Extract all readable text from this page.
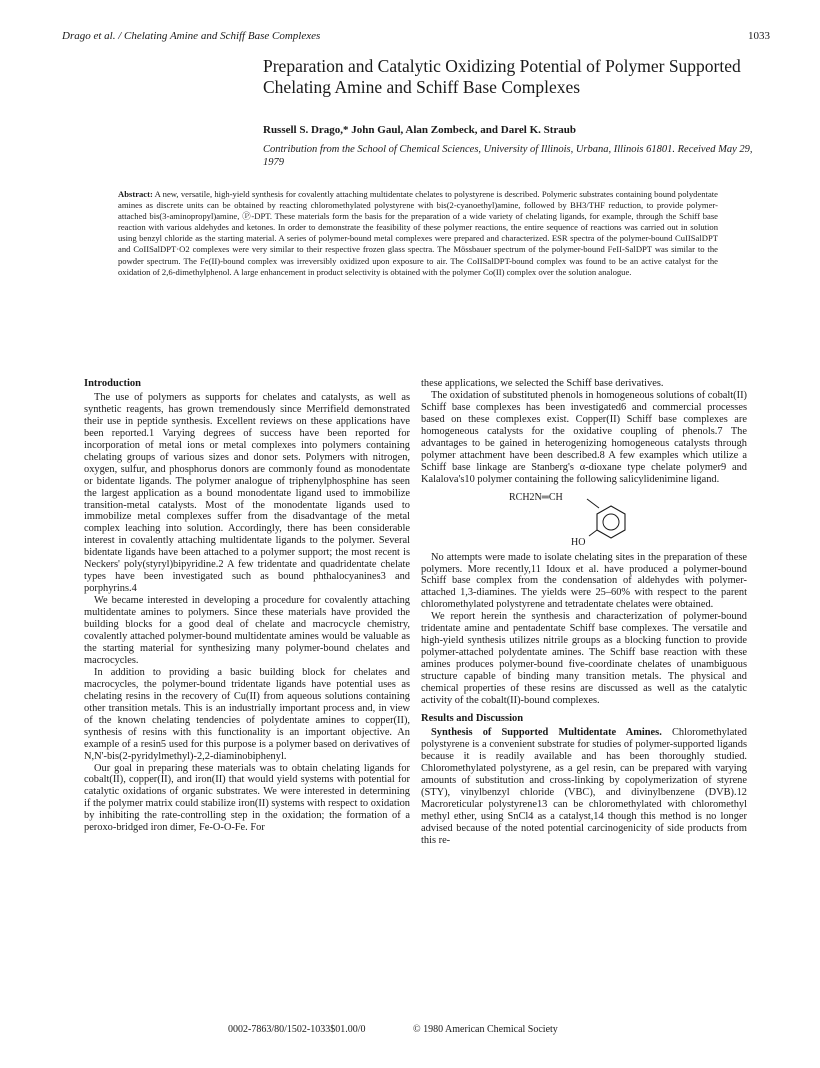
Drago et al. / Chelating Amine and Schiff Base Complexes	1033
Preparation and Catalytic Oxidizing Potential of Polymer Supported Chelating Amine and Schiff Base Complexes
Russell S. Drago,* John Gaul, Alan Zombeck, and Darel K. Straub
Contribution from the School of Chemical Sciences, University of Illinois, Urbana, Illinois 61801. Received May 29, 1979
Abstract: A new, versatile, high-yield synthesis for covalently attaching multidentate chelates to polystyrene is described. Polymeric substrates containing bound polydentate amines as discrete units can be obtained by reacting chloromethylated polystyrene with bis(2-cyanoethyl)amine, followed by BH3/THF reduction, to provide polymer-attached bis(3-aminopropyl)amine, Ⓟ-DPT. These materials form the basis for the preparation of a wide variety of chelating ligands, for example, through the Schiff base reaction with various aldehydes and ketones. In order to demonstrate the feasibility of these polymer reactions, the entire sequence of reactions was carried out in solution using benzyl chloride as the starting material. A series of polymer-bound metal complexes were prepared and characterized. ESR spectra of the polymer-bound CuIISalDPT and CoIISalDPT·O2 complexes were very similar to their respective frozen glass spectra. The Mössbauer spectrum of the polymer-bound FeII-SalDPT was similar to the powder spectrum. The Fe(II)-bound complex was irreversibly oxidized upon exposure to air. The CoIISalDPT-bound complex was found to be an active catalyst for the oxidation of 2,6-dimethylphenol. A large enhancement in product selectivity is obtained with the polymer Co(II) complex over the solution analogue.
Introduction

The use of polymers as supports for chelates and catalysts, as well as synthetic reagents, has grown tremendously since Merrifield demonstrated their use in peptide synthesis. Excellent reviews on these applications have been reported.1 Varying degrees of success have been reported for incorporation of metal ions or metal complexes into polymers containing chelating groups of various sizes and donor sets. Polymers with nitrogen, oxygen, sulfur, and phosphorus donors are commonly found as monodentate or bidentate ligands. The polymer analogue of triphenylphosphine has seen the largest application as a bound monodentate ligand used to immobilize transition-metal catalysts. Most of the monodentate ligands used to immobilize metal complexes suffer from the disadvantage of the metal complex leaching into solution. Accordingly, there has been considerable interest in covalently attaching multidentate ligands to the polymer. Several bidentate ligands have been attached to a polymer support; the most recent is Neckers' poly(styryl)bipyridine.2 A few tridentate and quadridentate chelate types have been investigated such as bound phthalocyanines3 and porphyrins.4

We became interested in developing a procedure for covalently attaching multidentate amines to polymers. Since these materials have provided the building blocks for a good deal of chelate and macrocycle chemistry, covalently attached polymer-bound multidentate amines would be valuable as the starting material for synthesizing many polymer-bound chelates and macrocycles.

In addition to providing a basic building block for chelates and macrocycles, the polymer-bound tridentate ligands have potential uses as chelating resins in the recovery of Cu(II) from aqueous solutions containing other transition metals. This is an industrially important process and, in view of the known chelating tendencies of polydentate amines to copper(II), synthesis of resins with this functionality is an important objective. An example of a resin5 used for this purpose is a polymer based on derivatives of N,N'-bis(2-pyridylmethyl)-2,2-diaminobiphenyl.

Our goal in preparing these materials was to obtain chelating ligands for cobalt(II), copper(II), and iron(II) that would yield systems with potential for catalytic oxidations of organic substrates. We were interested in determining if the polymer matrix could stabilize iron(II) systems with respect to oxidation by inhibiting the rate-controlling step in the oxidation; the formation of a peroxo-bridged iron dimer, Fe-O-O-Fe. For

these applications, we selected the Schiff base derivatives.

The oxidation of substituted phenols in homogeneous solutions of cobalt(II) Schiff base complexes has been investigated6 and commercial processes based on these complexes exist. Copper(II) Schiff base complexes are homogeneous catalysts for the oxidative coupling of phenols.7 The advantages to be gained in heterogenizing homogeneous catalysts through polymer attachment have been described.8 A few examples which utilize a Schiff base linkage are Stanberg's α-dioxane type chelate polymer9 and Kalalova's10 polymer containing the following salicylidenimine ligand.

RCH2N═CH
HO

No attempts were made to isolate chelating sites in the preparation of these polymers. More recently,11 Idoux et al. have produced a polymer-bound Schiff base complex from the condensation of aldehydes with polymer-attached 1,3-diamines. The yields were 25–60% with respect to the parent chloromethylated polystyrene and tetradentate chelates were obtained.

We report herein the synthesis and characterization of polymer-bound tridentate amine and pentadentate Schiff base complexes. The versatile and high-yield synthesis utilizes nitrile groups as a blocking function to provide polymer-attached polydentate amines. The Schiff base reaction with these amines produces polymer-bound five-coordinate chelates of unambiguous structure capable of binding many transition metals. The physical and chemical properties of these resins are discussed as well as the catalytic activity of the cobalt(II)-bound complexes.

Results and Discussion

Synthesis of Supported Multidentate Amines. Chloromethylated polystyrene is a convenient substrate for studies of polymer-supported ligands because it is readily available and has been thoroughly studied. Chloromethylated polystyrene, as a gel resin, can be prepared with varying amounts of substitution and cross-linking by copolymerization of styrene (STY), vinylbenzyl chloride (VBC), and divinylbenzene (DVB).12 Macroreticular polystyrene13 can be chloromethylated with chloromethyl methyl ether, using SnCl4 as a catalyst,14 though this method is no longer advised because of the noted potential carcinogenicity of side products from this re-

0002-7863/80/1502-1033$01.00/0	© 1980 American Chemical Society
